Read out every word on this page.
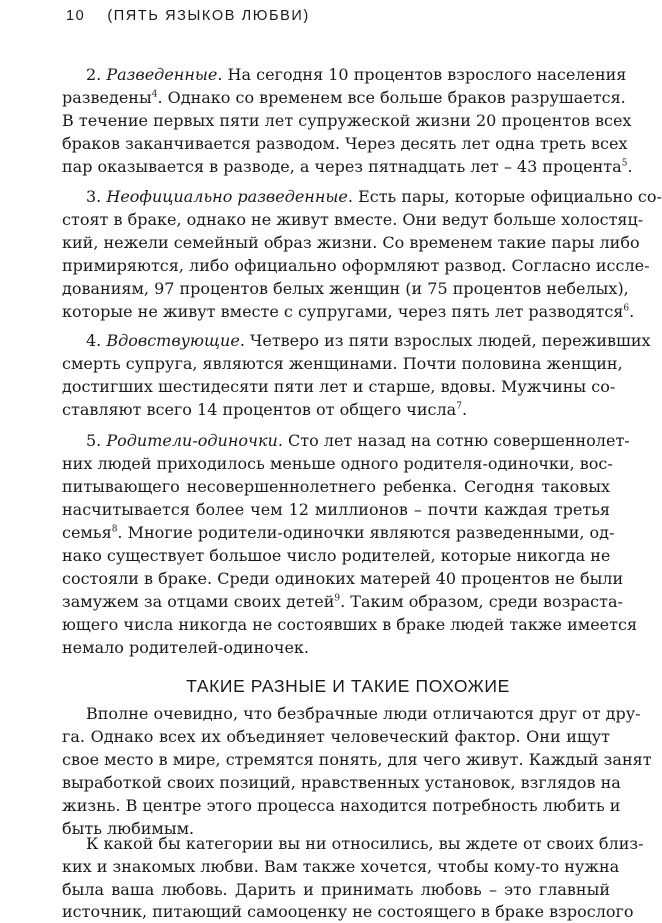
10 (ПЯТЬ ЯЗЫКОВ ЛЮБВИ)
2. Разведенные. На сегодня 10 процентов взрослого населения
разведены$^4$. Однако со временем все больше браков разрушается.
В течение первых пяти лет супружеской жизни 20 процентов всех
браков заканчивается разводом. Через десять лет одна треть всех
пар оказывается в разводе, а через пятнадцать лет – 43 процента$^5$.
3. Неофициально разведенные. Есть пары, которые официально со-
стоят в браке, однако не живут вместе. Они ведут больше холостяц-
кий, нежели семейный образ жизни. Со временем такие пары либо
примиряются, либо официально оформляют развод. Согласно иссле-
дованиям, 97 процентов белых женщин (и 75 процентов небелых),
которые не живут вместе с супругами, через пять лет разводятся$^6$.
4. Вдовствующие. Четверо из пяти взрослых людей, переживших
смерть супруга, являются женщинами. Почти половина женщин,
достигших шестидесяти пяти лет и старше, вдовы. Мужчины со-
ставляют всего 14 процентов от общего числа$^7$.
5. Родители-одиночки. Сто лет назад на сотню совершеннолет-
них людей приходилось меньше одного родителя-одиночки, вос-
питывающего несовершеннолетнего ребенка. Сегодня таковых
насчитывается более чем 12 миллионов – почти каждая третья
семья$^8$. Многие родители-одиночки являются разведенными, од-
нако существует большое число родителей, которые никогда не
состояли в браке. Среди одиноких матерей 40 процентов не были
замужем за отцами своих детей$^9$. Таким образом, среди возраста-
ющего числа никогда не состоявших в браке людей также имеется
немало родителей-одиночек.
ТАКИЕ РАЗНЫЕ И ТАКИЕ ПОХОЖИЕ
Вполне очевидно, что безбрачные люди отличаются друг от дру-
га. Однако всех их объединяет человеческий фактор. Они ищут
свое место в мире, стремятся понять, для чего живут. Каждый занят
выработкой своих позиций, нравственных установок, взглядов на
жизнь. В центре этого процесса находится потребность любить и
быть любимым.
К какой бы категории вы ни относились, вы ждете от своих близ-
ких и знакомых любви. Вам также хочется, чтобы кому-то нужна
была ваша любовь. Дарить и принимать любовь – это главный
источник, питающий самооценку не состоящего в браке взрослого
